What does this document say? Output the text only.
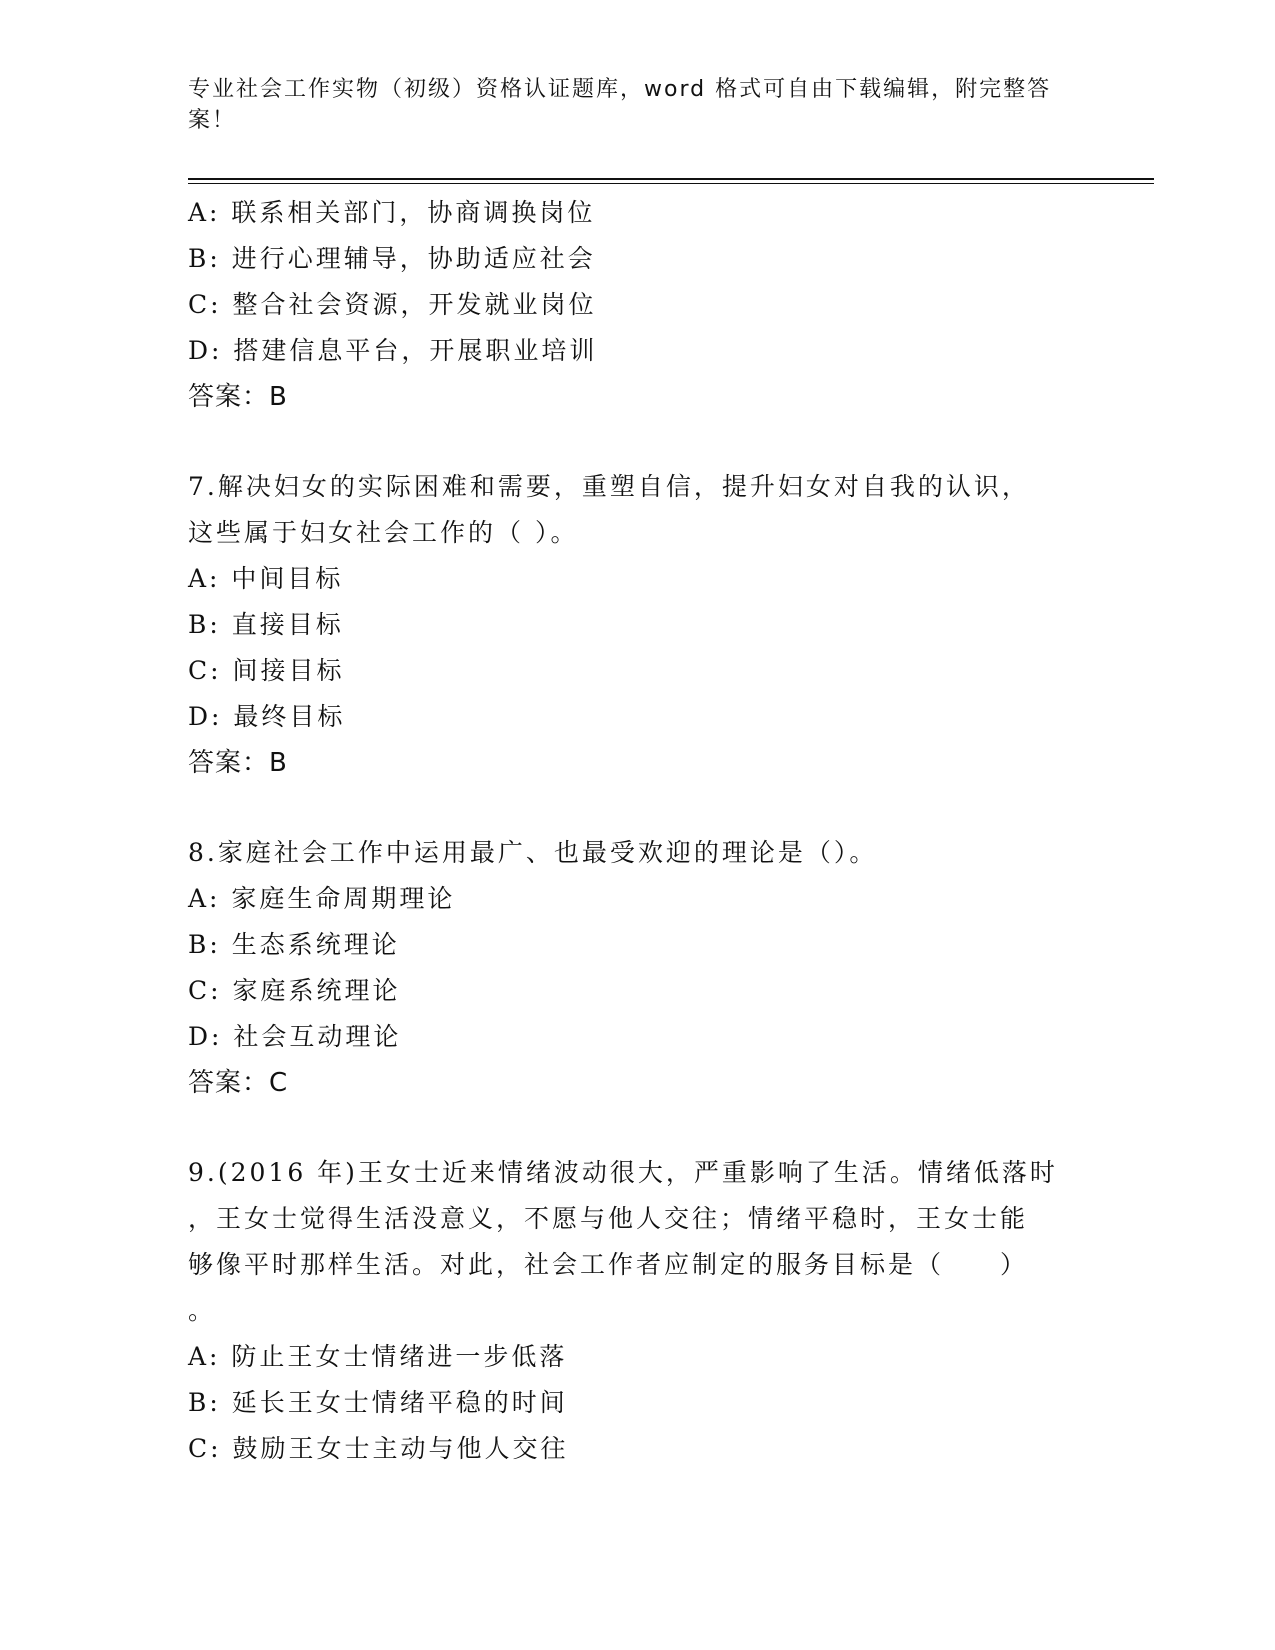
专业社会工作实物（初级）资格认证题库，word 格式可自由下载编辑，附完整答
案！
A: 联系相关部门，协商调换岗位
B: 进行心理辅导，协助适应社会
C: 整合社会资源，开发就业岗位
D: 搭建信息平台，开展职业培训
答案：B
7.解决妇女的实际困难和需要，重塑自信，提升妇女对自我的认识，
这些属于妇女社会工作的（ ）。
A: 中间目标
B: 直接目标
C: 间接目标
D: 最终目标
答案：B
8.家庭社会工作中运用最广、也最受欢迎的理论是（）。
A: 家庭生命周期理论
B: 生态系统理论
C: 家庭系统理论
D: 社会互动理论
答案：C
9.(2016 年)王女士近来情绪波动很大，严重影响了生活。情绪低落时
，王女士觉得生活没意义，不愿与他人交往；情绪平稳时，王女士能
够像平时那样生活。对此，社会工作者应制定的服务目标是（　　）
。
A: 防止王女士情绪进一步低落
B: 延长王女士情绪平稳的时间
C: 鼓励王女士主动与他人交往
